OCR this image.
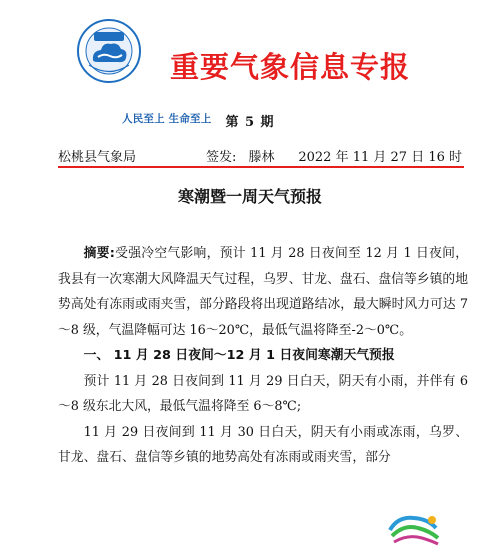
人民至上 生命至上
重要气象信息专报
第 5 期
松桃县气象局	签发: 滕林 2022 年 11 月 27 日 16 时
寒潮暨一周天气预报

摘要:受强冷空气影响，预计 11 月 28 日夜间至 12 月 1 日夜间，我县有一次寒潮大风降温天气过程，乌罗、甘龙、盘石、盘信等乡镇的地势高处有冻雨或雨夹雪，部分路段将出现道路结冰，最大瞬时风力可达 7～8 级，气温降幅可达 16～20℃，最低气温将降至-2～0℃。

一、 11 月 28 日夜间～12 月 1 日夜间寒潮天气预报

预计 11 月 28 日夜间到 11 月 29 日白天，阴天有小雨，并伴有 6～8 级东北大风，最低气温将降至 6～8℃;

11 月 29 日夜间到 11 月 30 日白天，阴天有小雨或冻雨，乌罗、甘龙、盘石、盘信等乡镇的地势高处有冻雨或雨夹雪，部分
